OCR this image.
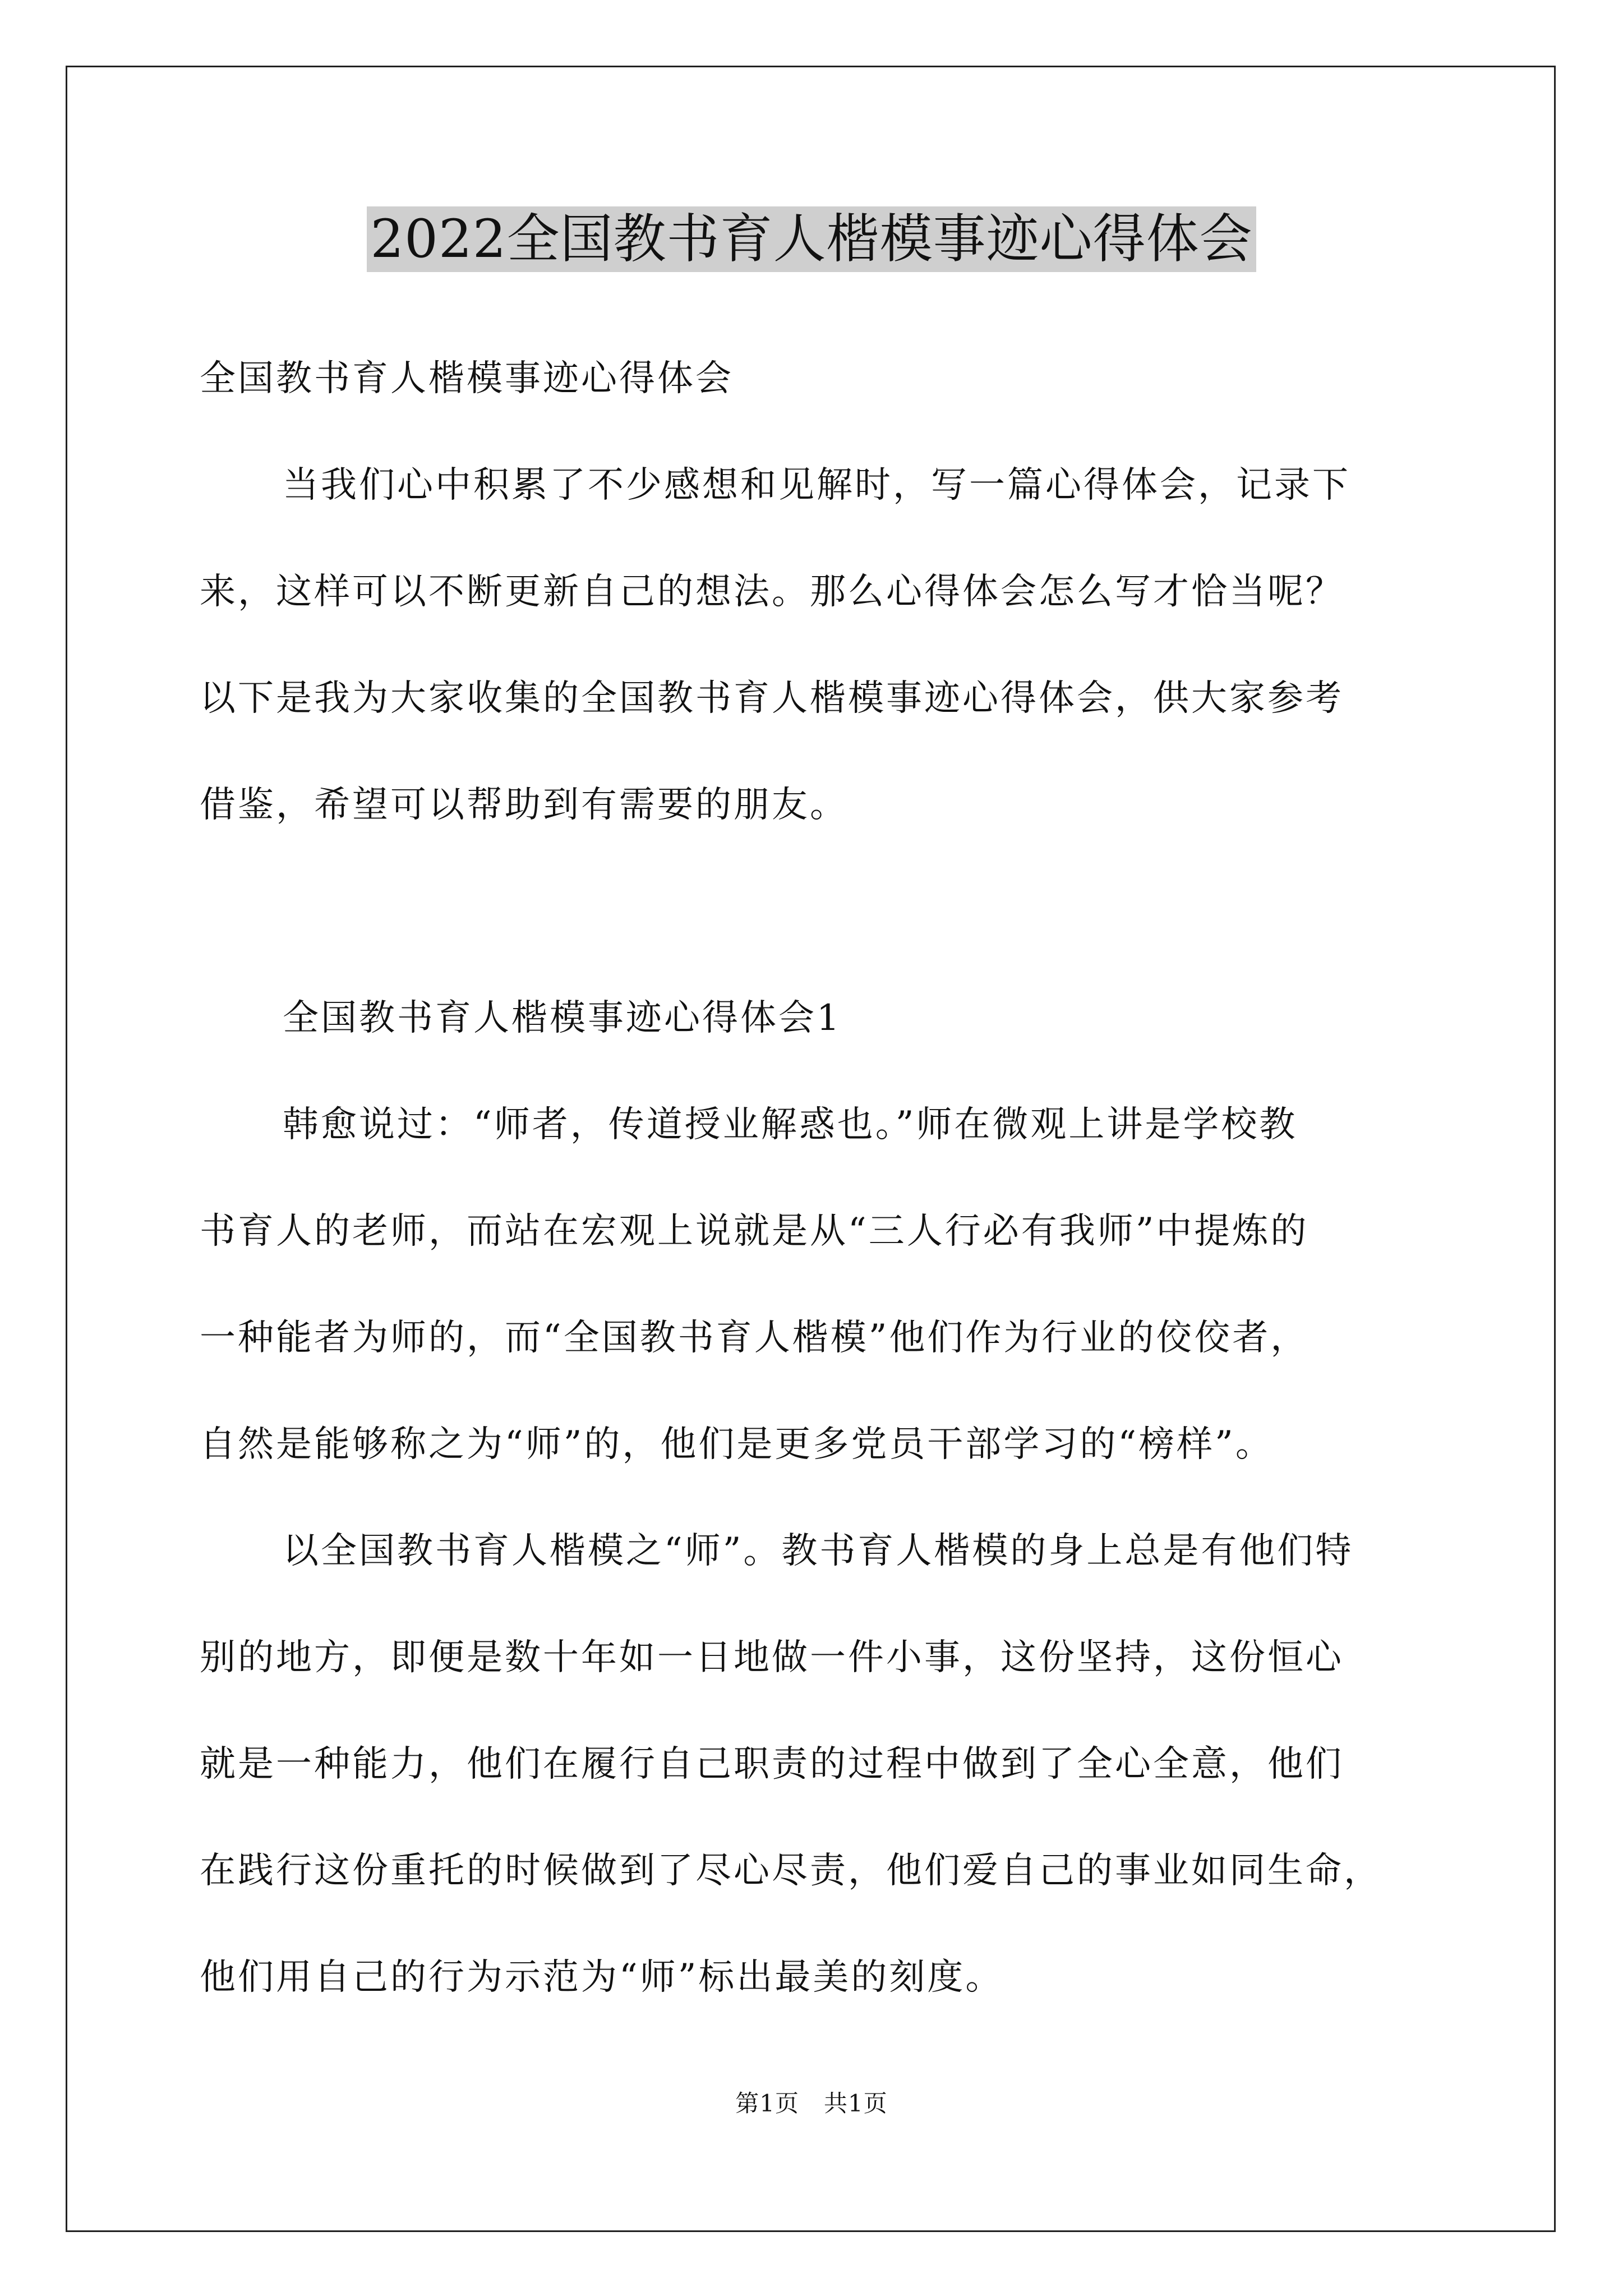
2022全国教书育人楷模事迹心得体会
全国教书育人楷模事迹心得体会
当我们心中积累了不少感想和见解时，写一篇心得体会，记录下
来，这样可以不断更新自己的想法。那么心得体会怎么写才恰当呢？
以下是我为大家收集的全国教书育人楷模事迹心得体会，供大家参考
借鉴，希望可以帮助到有需要的朋友。
全国教书育人楷模事迹心得体会1
韩愈说过：“师者，传道授业解惑也。”师在微观上讲是学校教
书育人的老师，而站在宏观上说就是从“三人行必有我师”中提炼的
一种能者为师的，而“全国教书育人楷模”他们作为行业的佼佼者，
自然是能够称之为“师”的，他们是更多党员干部学习的“榜样”。
以全国教书育人楷模之“师”。教书育人楷模的身上总是有他们特
别的地方，即便是数十年如一日地做一件小事，这份坚持，这份恒心
就是一种能力，他们在履行自己职责的过程中做到了全心全意，他们
在践行这份重托的时候做到了尽心尽责，他们爱自己的事业如同生命，
他们用自己的行为示范为“师”标出最美的刻度。
第1页 共1页
